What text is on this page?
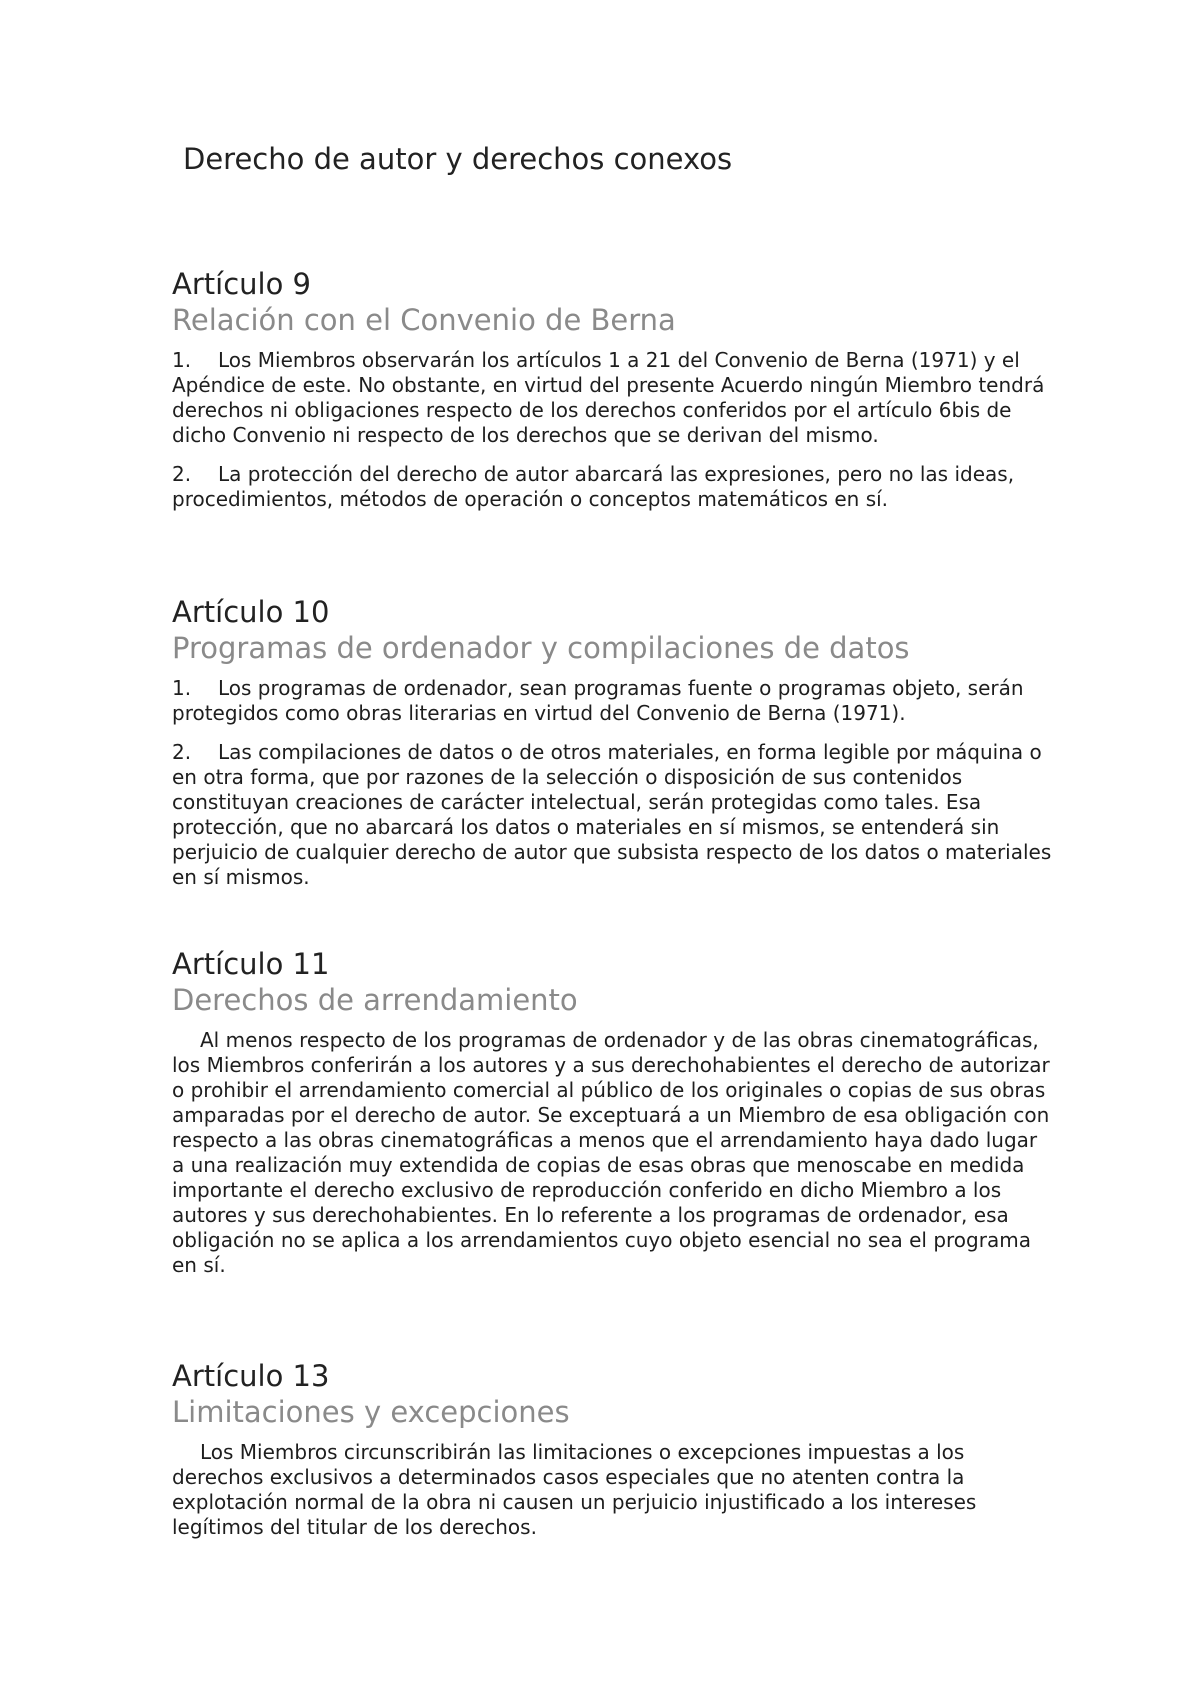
Derecho de autor y derechos conexos
Artículo 9
Relación con el Convenio de Berna

1. Los Miembros observarán los artículos 1 a 21 del Convenio de Berna (1971) y el Apéndice de este. No obstante, en virtud del presente Acuerdo ningún Miembro tendrá derechos ni obligaciones respecto de los derechos conferidos por el artículo 6bis de dicho Convenio ni respecto de los derechos que se derivan del mismo.

2. La protección del derecho de autor abarcará las expresiones, pero no las ideas, procedimientos, métodos de operación o conceptos matemáticos en sí.

Artículo 10
Programas de ordenador y compilaciones de datos

1. Los programas de ordenador, sean programas fuente o programas objeto, serán protegidos como obras literarias en virtud del Convenio de Berna (1971).

2. Las compilaciones de datos o de otros materiales, en forma legible por máquina o en otra forma, que por razones de la selección o disposición de sus contenidos constituyan creaciones de carácter intelectual, serán protegidas como tales. Esa protección, que no abarcará los datos o materiales en sí mismos, se entenderá sin perjuicio de cualquier derecho de autor que subsista respecto de los datos o materiales en sí mismos.

Artículo 11
Derechos de arrendamiento

Al menos respecto de los programas de ordenador y de las obras cinematográficas, los Miembros conferirán a los autores y a sus derechohabientes el derecho de autorizar o prohibir el arrendamiento comercial al público de los originales o copias de sus obras amparadas por el derecho de autor. Se exceptuará a un Miembro de esa obligación con respecto a las obras cinematográficas a menos que el arrendamiento haya dado lugar a una realización muy extendida de copias de esas obras que menoscabe en medida importante el derecho exclusivo de reproducción conferido en dicho Miembro a los autores y sus derechohabientes. En lo referente a los programas de ordenador, esa obligación no se aplica a los arrendamientos cuyo objeto esencial no sea el programa en sí.

Artículo 13
Limitaciones y excepciones

Los Miembros circunscribirán las limitaciones o excepciones impuestas a los derechos exclusivos a determinados casos especiales que no atenten contra la explotación normal de la obra ni causen un perjuicio injustificado a los intereses legítimos del titular de los derechos.
